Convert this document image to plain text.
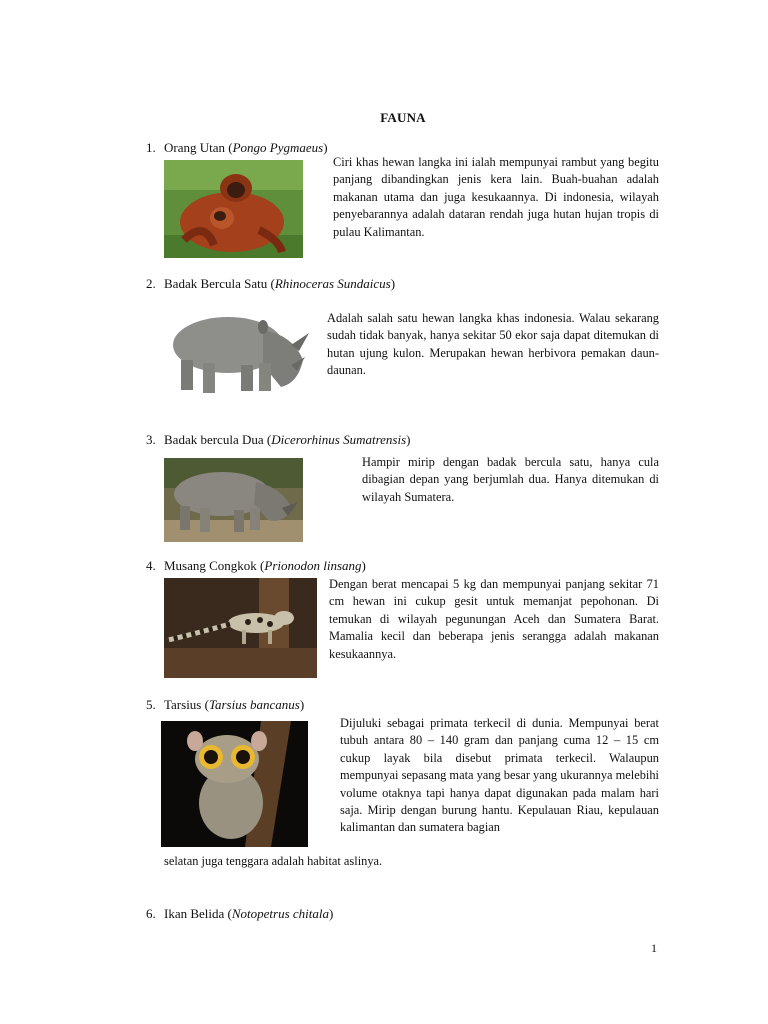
FAUNA
1. Orang Utan (Pongo Pygmaeus)
Ciri khas hewan langka ini ialah mempunyai rambut yang begitu panjang dibandingkan jenis kera lain. Buah-buahan adalah makanan utama dan juga kesukaannya. Di indonesia, wilayah penyebarannya adalah dataran rendah juga hutan hujan tropis di pulau Kalimantan.
2. Badak Bercula Satu (Rhinoceras Sundaicus)
Adalah salah satu hewan langka khas indonesia. Walau sekarang sudah tidak banyak, hanya sekitar 50 ekor saja dapat ditemukan di hutan ujung kulon. Merupakan hewan herbivora pemakan daun-daunan.
3. Badak bercula Dua (Dicerorhinus Sumatrensis)
Hampir mirip dengan badak bercula satu, hanya cula dibagian depan yang berjumlah dua. Hanya ditemukan di wilayah Sumatera.
4. Musang Congkok (Prionodon linsang)
Dengan berat mencapai 5 kg dan mempunyai panjang sekitar 71 cm hewan ini cukup gesit untuk memanjat pepohonan. Di temukan di wilayah pegunungan Aceh dan Sumatera Barat. Mamalia kecil dan beberapa jenis serangga adalah makanan kesukaannya.
5. Tarsius (Tarsius bancanus)
Dijuluki sebagai primata terkecil di dunia. Mempunyai berat tubuh antara 80 – 140 gram dan panjang cuma 12 – 15 cm cukup layak bila disebut primata terkecil. Walaupun mempunyai sepasang mata yang besar yang ukurannya melebihi volume otaknya tapi hanya dapat digunakan pada malam hari saja. Mirip dengan burung hantu. Kepulauan Riau, kepulauan kalimantan dan sumatera bagian
selatan juga tenggara adalah habitat aslinya.
6. Ikan Belida (Notopetrus chitala)
1
